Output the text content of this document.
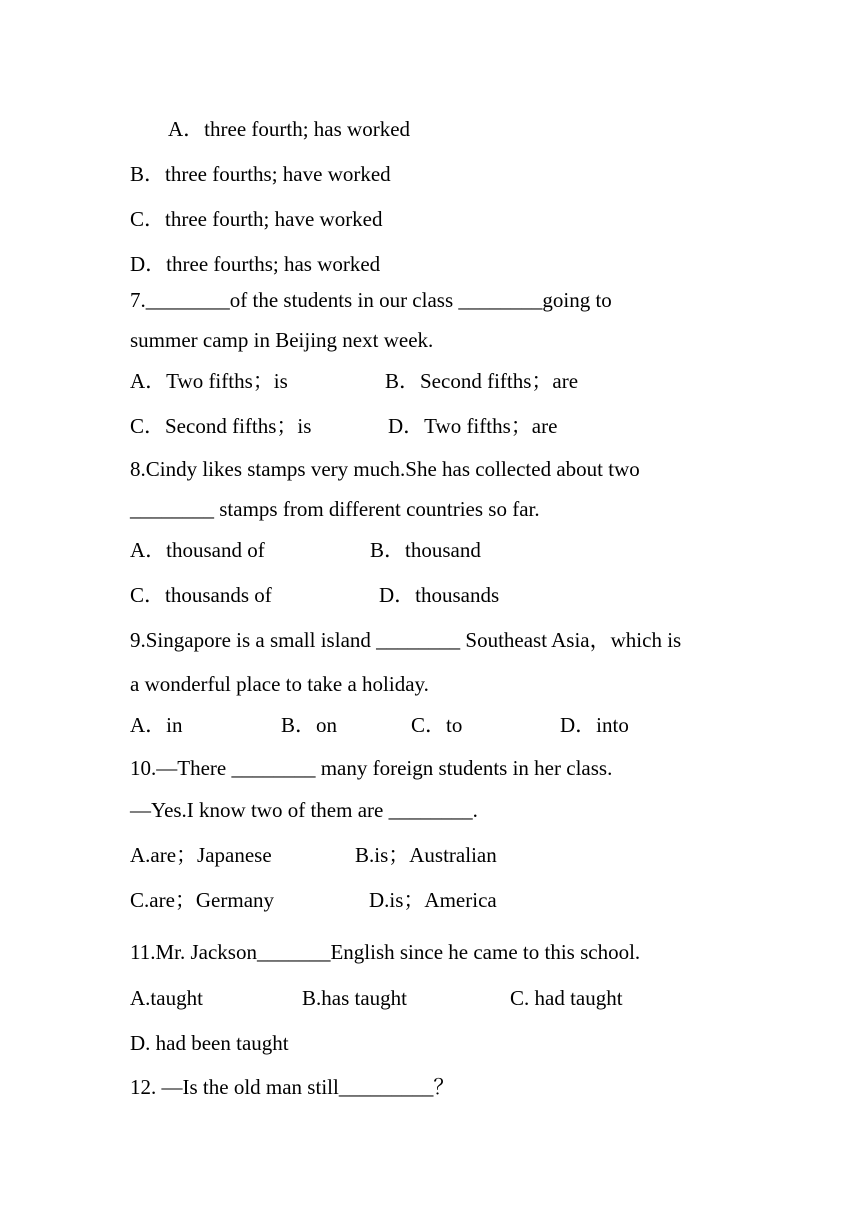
A．three fourth; has worked
B．three fourths; have worked
C．three fourth; have worked
D．three fourths; has worked
7.________of the students in our class ________going to
summer camp in Beijing next week.
A．Two fifths；is	B．Second fifths；are
C．Second fifths；is	D．Two fifths；are
8.Cindy likes stamps very much.She has collected about two
________ stamps from different countries so far.
A．thousand of	B．thousand
C．thousands of	D．thousands
9.Singapore is a small island ________ Southeast Asia，which is
a wonderful place to take a holiday.
A．in	B．on	C．to	D．into
10.—There ________ many foreign students in her class.
—Yes.I know two of them are ________.
A.are；Japanese	B.is；Australian
C.are；Germany	D.is；America
11.Mr. Jackson_______English since he came to this school.
A.taught	B.has taught	C. had taught
D. had been taught
12. —Is the old man still_________？
